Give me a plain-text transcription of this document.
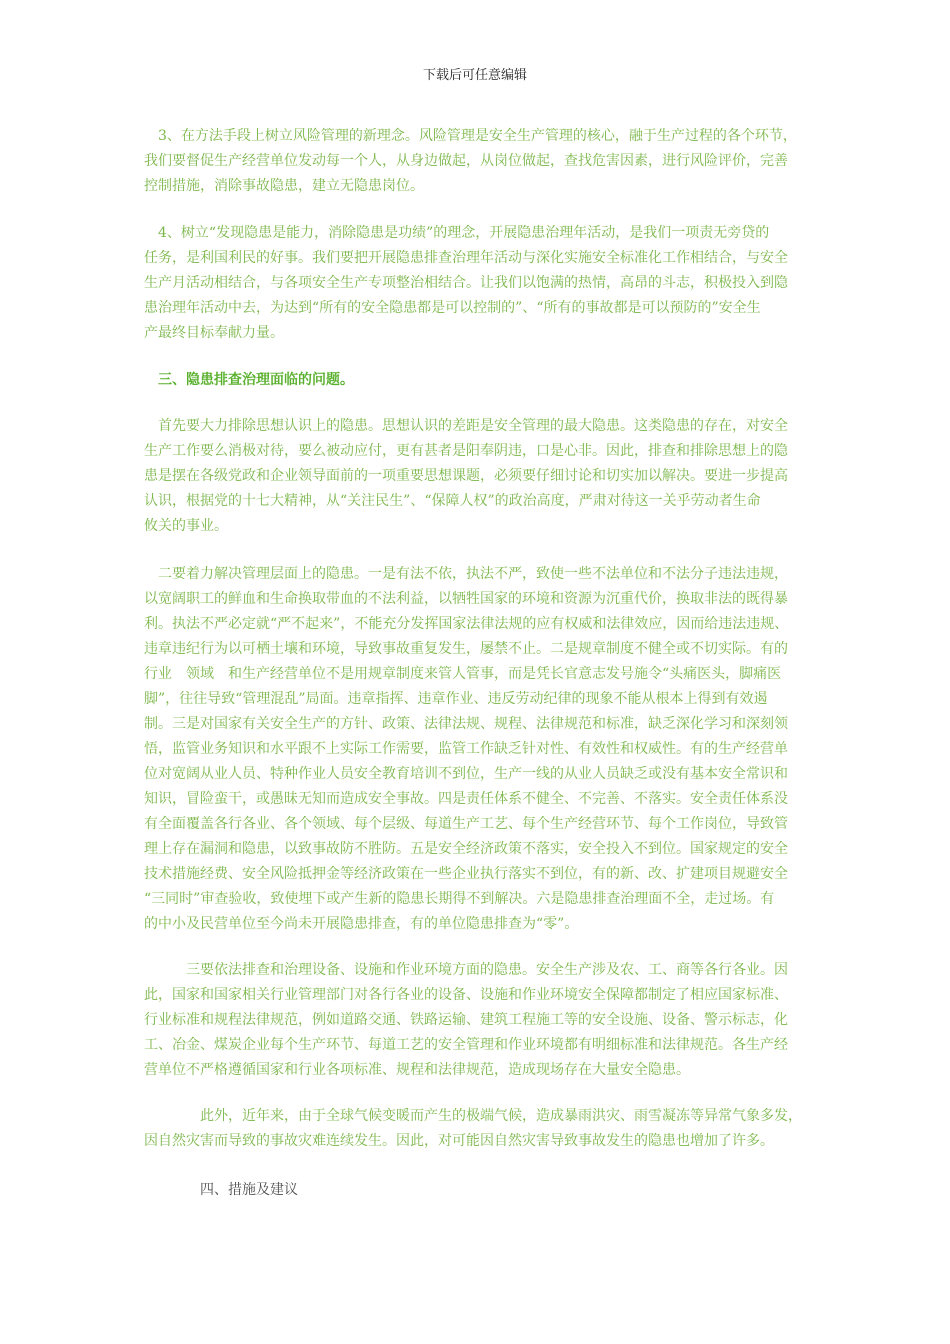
下载后可任意编辑

　3、在方法手段上树立风险管理的新理念。风险管理是安全生产管理的核心，融于生产过程的各个环节，
我们要督促生产经营单位发动每一个人，从身边做起，从岗位做起，查找危害因素，进行风险评价，完善
控制措施，消除事故隐患，建立无隐患岗位。

　4、树立“发现隐患是能力，消除隐患是功绩”的理念，开展隐患治理年活动，是我们一项责无旁贷的
任务，是利国利民的好事。我们要把开展隐患排查治理年活动与深化实施安全标准化工作相结合，与安全
生产月活动相结合，与各项安全生产专项整治相结合。让我们以饱满的热情，高昂的斗志，积极投入到隐
患治理年活动中去，为达到“所有的安全隐患都是可以控制的”、“所有的事故都是可以预防的”安全生
产最终目标奉献力量。

三、隐患排查治理面临的问题。

　首先要大力排除思想认识上的隐患。思想认识的差距是安全管理的最大隐患。这类隐患的存在，对安全
生产工作要么消极对待，要么被动应付，更有甚者是阳奉阴违，口是心非。因此，排查和排除思想上的隐
患是摆在各级党政和企业领导面前的一项重要思想课题，必须要仔细讨论和切实加以解决。要进一步提高
认识，根据党的十七大精神，从“关注民生”、“保障人权”的政治高度，严肃对待这一关乎劳动者生命
攸关的事业。

　二要着力解决管理层面上的隐患。一是有法不依，执法不严，致使一些不法单位和不法分子违法违规，
以宽阔职工的鲜血和生命换取带血的不法利益，以牺牲国家的环境和资源为沉重代价，换取非法的既得暴
利。执法不严必定就“严不起来”，不能充分发挥国家法律法规的应有权威和法律效应，因而给违法违规、
违章违纪行为以可栖土壤和环境，导致事故重复发生，屡禁不止。二是规章制度不健全或不切实际。有的
行业　领域　和生产经营单位不是用规章制度来管人管事，而是凭长官意志发号施令“头痛医头，脚痛医
脚”，往往导致“管理混乱”局面。违章指挥、违章作业、违反劳动纪律的现象不能从根本上得到有效遏
制。三是对国家有关安全生产的方针、政策、法律法规、规程、法律规范和标准，缺乏深化学习和深刻领
悟，监管业务知识和水平跟不上实际工作需要，监管工作缺乏针对性、有效性和权威性。有的生产经营单
位对宽阔从业人员、特种作业人员安全教育培训不到位，生产一线的从业人员缺乏或没有基本安全常识和
知识，冒险蛮干，或愚昧无知而造成安全事故。四是责任体系不健全、不完善、不落实。安全责任体系没
有全面覆盖各行各业、各个领域、每个层级、每道生产工艺、每个生产经营环节、每个工作岗位，导致管
理上存在漏洞和隐患，以致事故防不胜防。五是安全经济政策不落实，安全投入不到位。国家规定的安全
技术措施经费、安全风险抵押金等经济政策在一些企业执行落实不到位，有的新、改、扩建项目规避安全
“三同时”审查验收，致使埋下或产生新的隐患长期得不到解决。六是隐患排查治理面不全，走过场。有
的中小及民营单位至今尚未开展隐患排查，有的单位隐患排查为“零”。

　　　三要依法排查和治理设备、设施和作业环境方面的隐患。安全生产涉及农、工、商等各行各业。因
此，国家和国家相关行业管理部门对各行各业的设备、设施和作业环境安全保障都制定了相应国家标准、
行业标准和规程法律规范，例如道路交通、铁路运输、建筑工程施工等的安全设施、设备、警示标志，化
工、冶金、煤炭企业每个生产环节、每道工艺的安全管理和作业环境都有明细标准和法律规范。各生产经
营单位不严格遵循国家和行业各项标准、规程和法律规范，造成现场存在大量安全隐患。

　　　　此外，近年来，由于全球气候变暖而产生的极端气候，造成暴雨洪灾、雨雪凝冻等异常气象多发，
因自然灾害而导致的事故灾难连续发生。因此，对可能因自然灾害导致事故发生的隐患也增加了许多。

　　　　四、措施及建议
